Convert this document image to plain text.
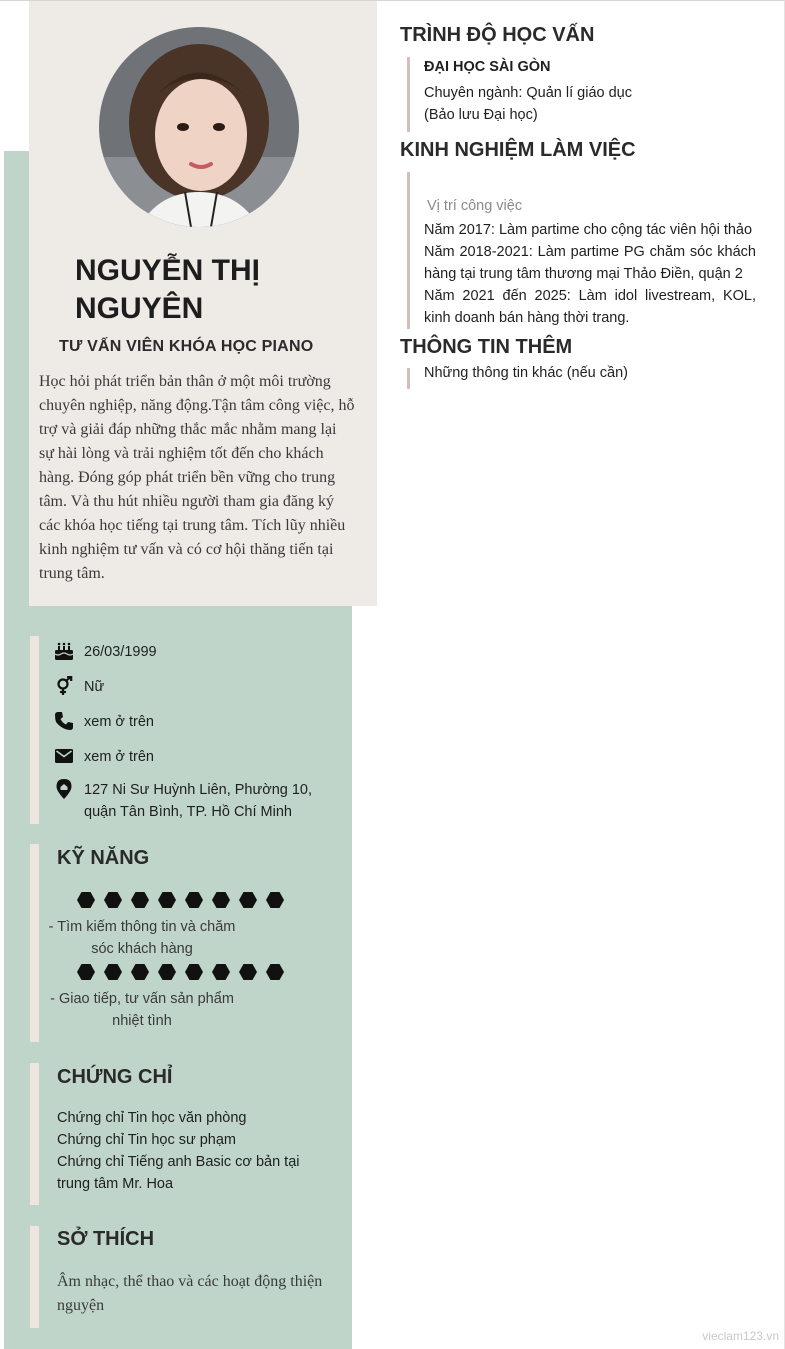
NGUYỄN THỊ
NGUYÊN
TƯ VẤN VIÊN KHÓA HỌC PIANO
Học hỏi phát triển bản thân ở một môi trường chuyên nghiệp, năng động.Tận tâm công việc, hỗ trợ và giải đáp những thắc mắc nhằm mang lại sự hài lòng và trải nghiệm tốt đến cho khách hàng. Đóng góp phát triển bền vững cho trung tâm. Và thu hút nhiều người tham gia đăng ký các khóa học tiếng tại trung tâm. Tích lũy nhiều kinh nghiệm tư vấn và có cơ hội thăng tiến tại trung tâm.
26/03/1999
Nữ
xem ở trên
xem ở trên
127 Ni Sư Huỳnh Liên, Phường 10,
quận Tân Bình, TP. Hồ Chí Minh
KỸ NĂNG
- Tìm kiếm thông tin và chăm
sóc khách hàng
- Giao tiếp, tư vấn sản phẩm
nhiệt tình
CHỨNG CHỈ
Chứng chỉ Tin học văn phòng
Chứng chỉ Tin học sư phạm
Chứng chỉ Tiếng anh Basic cơ bản tại
trung tâm Mr. Hoa
SỞ THÍCH
Âm nhạc, thể thao và các hoạt động thiện nguyện
TRÌNH ĐỘ HỌC VẤN
ĐẠI HỌC SÀI GÒN
Chuyên ngành: Quản lí giáo dục
(Bảo lưu Đại học)
KINH NGHIỆM LÀM VIỆC
Vị trí công việc
Năm 2017: Làm partime cho cộng tác viên hội thảo
Năm 2018-2021: Làm partime PG chăm sóc khách hàng tại trung tâm thương mại Thảo Điền, quận 2
Năm 2021 đến 2025: Làm idol livestream, KOL, kinh doanh bán hàng thời trang.
THÔNG TIN THÊM
Những thông tin khác (nếu cần)
vieclam123.vn
